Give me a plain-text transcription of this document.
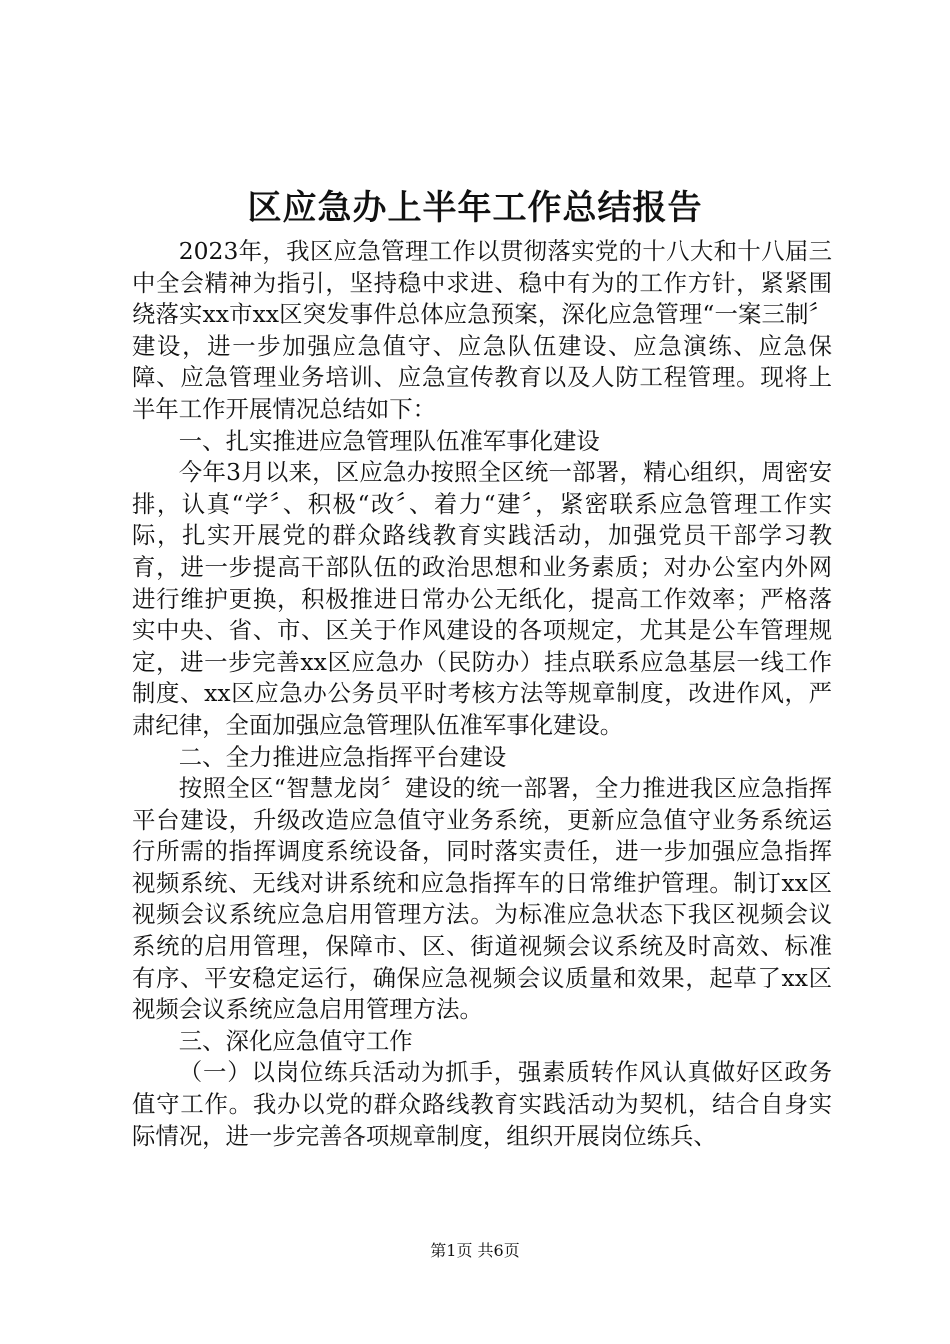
区应急办上半年工作总结报告

2023年，我区应急管理工作以贯彻落实党的十八大和十八届三中全会精神为指引，坚持稳中求进、稳中有为的工作方针，紧紧围绕落实xx市xx区突发事件总体应急预案，深化应急管理“一案三制〞建设，进一步加强应急值守、应急队伍建设、应急演练、应急保障、应急管理业务培训、应急宣传教育以及人防工程管理。现将上半年工作开展情况总结如下：

一、扎实推进应急管理队伍准军事化建设

今年3月以来，区应急办按照全区统一部署，精心组织，周密安排，认真“学〞、积极“改〞、着力“建〞，紧密联系应急管理工作实际，扎实开展党的群众路线教育实践活动，加强党员干部学习教育，进一步提高干部队伍的政治思想和业务素质；对办公室内外网进行维护更换，积极推进日常办公无纸化，提高工作效率；严格落实中央、省、市、区关于作风建设的各项规定，尤其是公车管理规定，进一步完善xx区应急办（民防办）挂点联系应急基层一线工作制度、xx区应急办公务员平时考核方法等规章制度，改进作风，严肃纪律，全面加强应急管理队伍准军事化建设。

二、全力推进应急指挥平台建设

按照全区“智慧龙岗〞建设的统一部署，全力推进我区应急指挥平台建设，升级改造应急值守业务系统，更新应急值守业务系统运行所需的指挥调度系统设备，同时落实责任，进一步加强应急指挥视频系统、无线对讲系统和应急指挥车的日常维护管理。制订xx区视频会议系统应急启用管理方法。为标准应急状态下我区视频会议系统的启用管理，保障市、区、街道视频会议系统及时高效、标准有序、平安稳定运行，确保应急视频会议质量和效果，起草了xx区视频会议系统应急启用管理方法。

三、深化应急值守工作

（一）以岗位练兵活动为抓手，强素质转作风认真做好区政务值守工作。我办以党的群众路线教育实践活动为契机，结合自身实际情况，进一步完善各项规章制度，组织开展岗位练兵、

第1页 共6页
